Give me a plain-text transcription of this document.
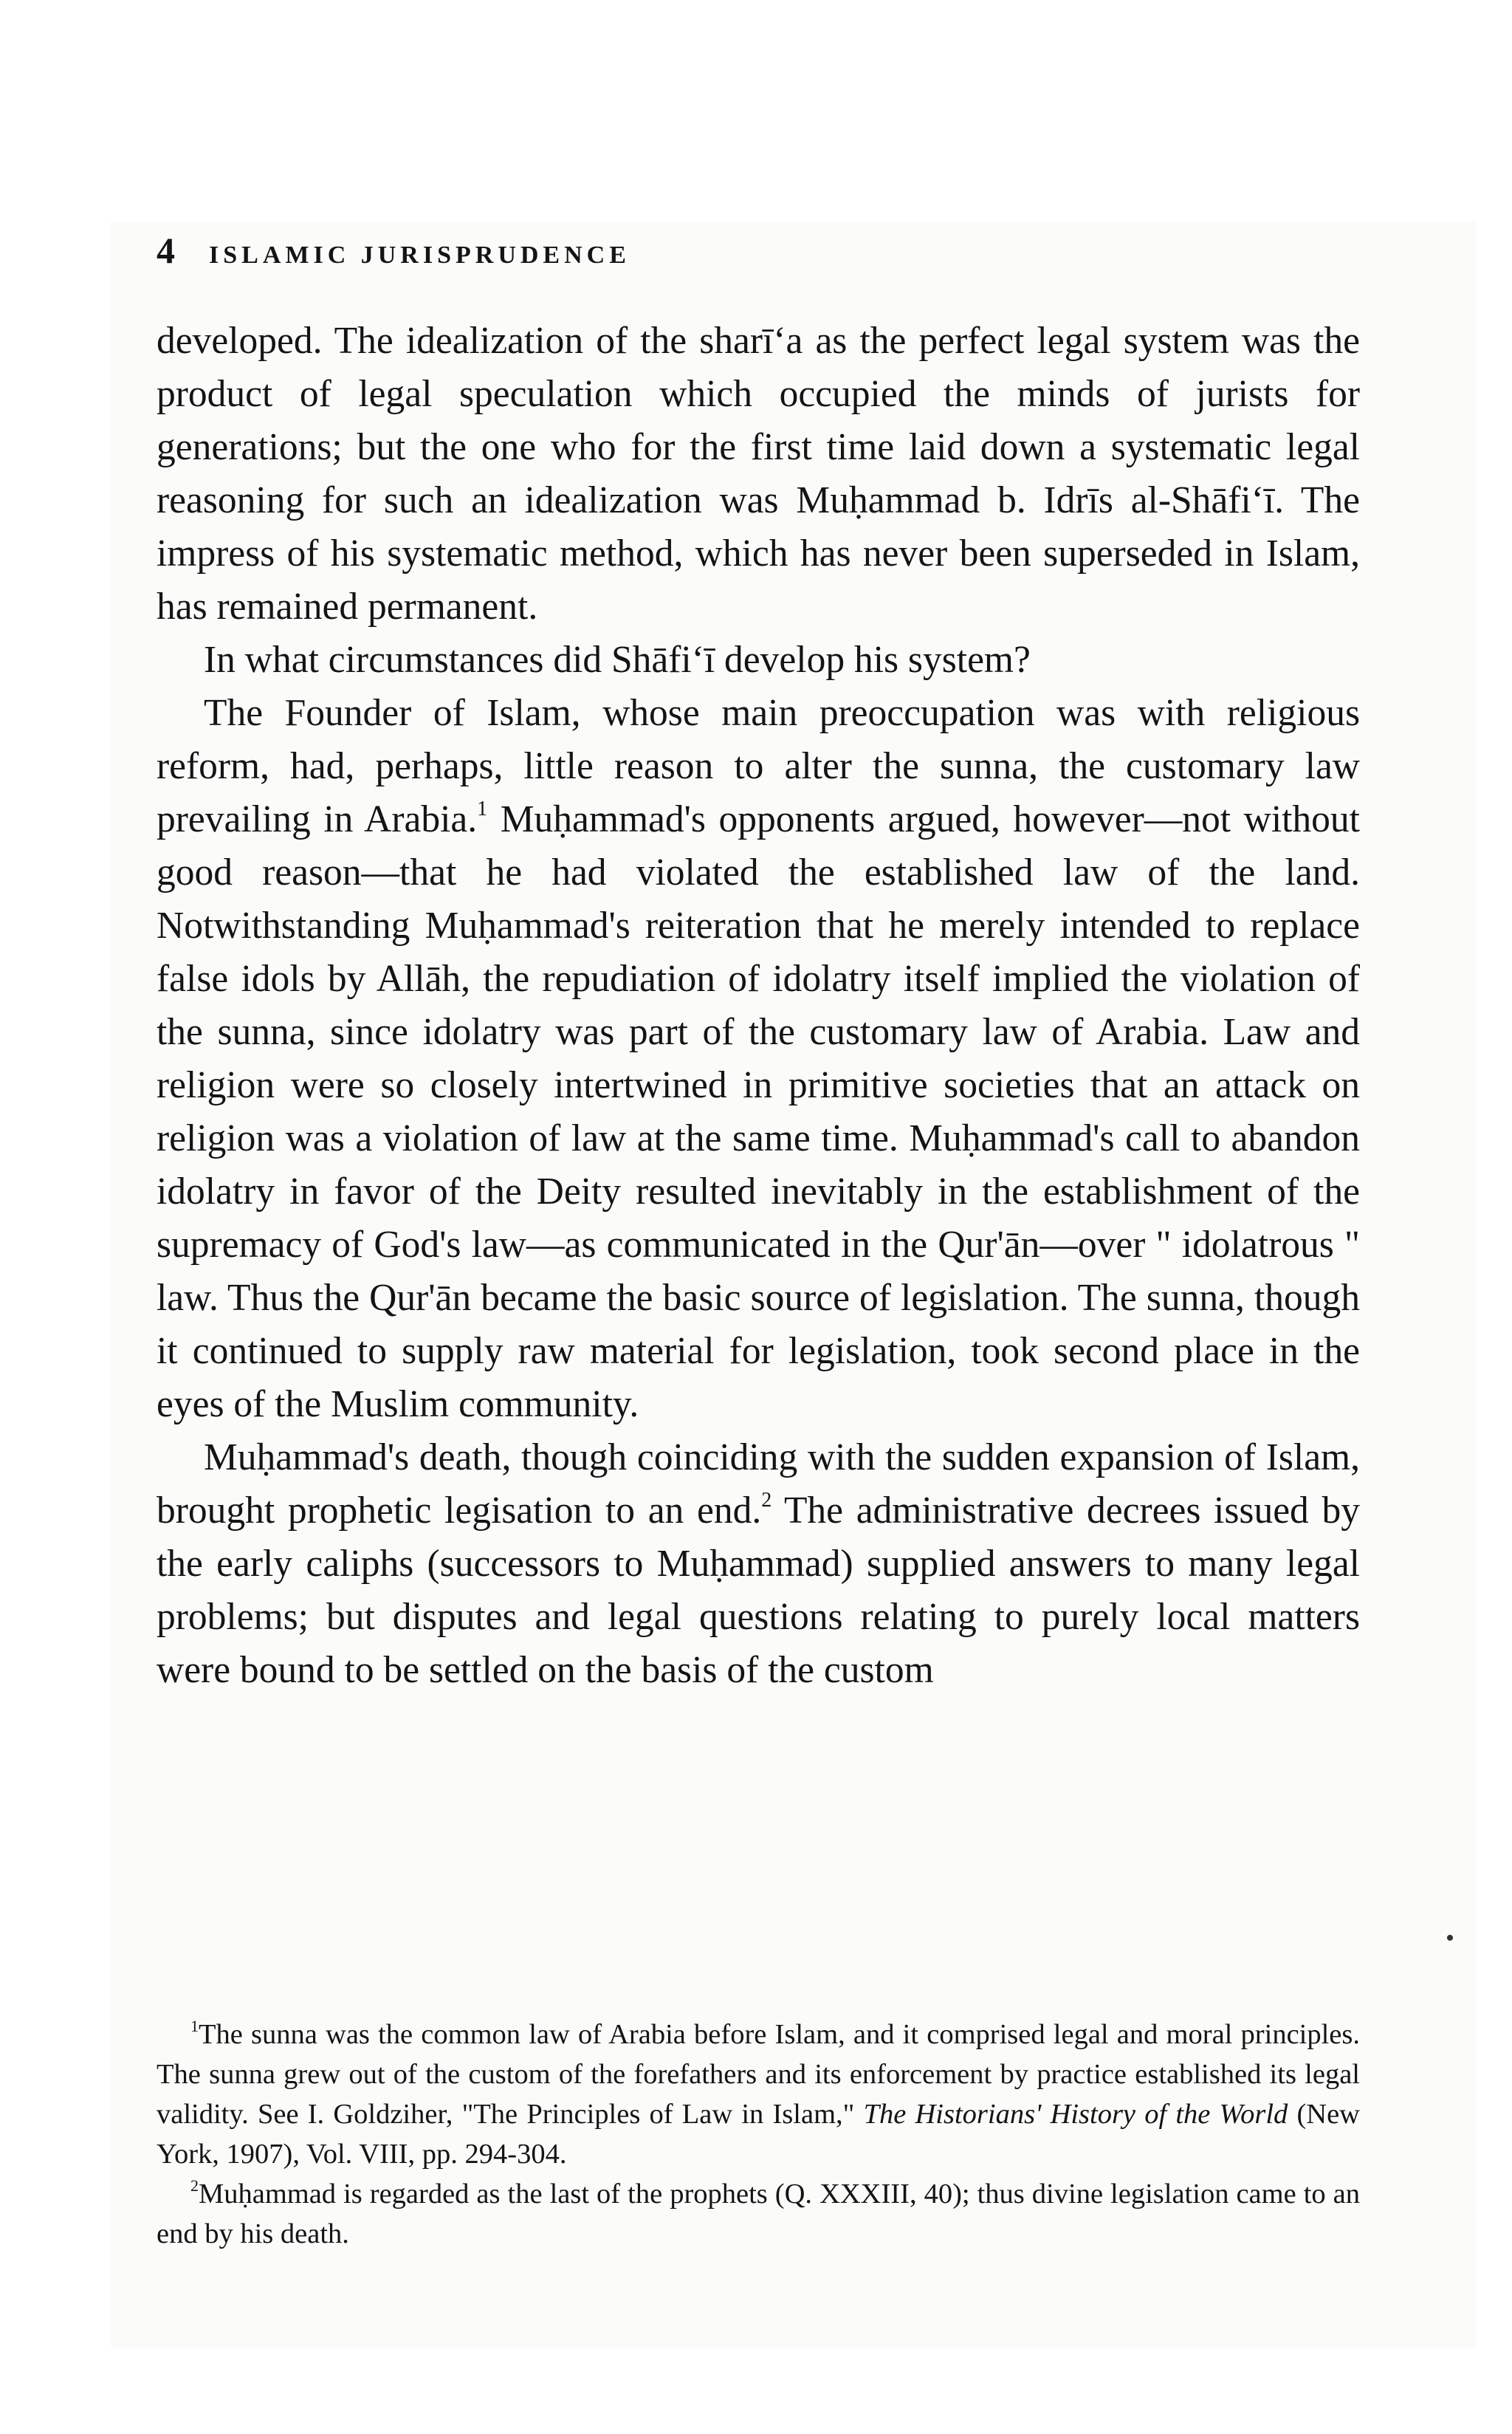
4 ISLAMIC JURISPRUDENCE

developed. The idealization of the sharī‘a as the perfect legal system was the product of legal speculation which occupied the minds of jurists for generations; but the one who for the first time laid down a systematic legal reasoning for such an idealization was Muḥammad b. Idrīs al-Shāfi‘ī. The impress of his systematic method, which has never been superseded in Islam, has remained permanent.

In what circumstances did Shāfi‘ī develop his system?

The Founder of Islam, whose main preoccupation was with religious reform, had, perhaps, little reason to alter the sunna, the customary law prevailing in Arabia.$^1$ Muḥammad's opponents argued, however—not without good reason—that he had violated the established law of the land. Notwithstanding Muḥammad's reiteration that he merely intended to replace false idols by Allāh, the repudiation of idolatry itself implied the violation of the sunna, since idolatry was part of the customary law of Arabia. Law and religion were so closely intertwined in primitive societies that an attack on religion was a violation of law at the same time. Muḥammad's call to abandon idolatry in favor of the Deity resulted inevitably in the establishment of the supremacy of God's law—as communicated in the Qur'ān—over " idolatrous " law. Thus the Qur'ān became the basic source of legislation. The sunna, though it continued to supply raw material for legislation, took second place in the eyes of the Muslim community.

Muḥammad's death, though coinciding with the sudden expansion of Islam, brought prophetic legisation to an end.$^2$ The administrative decrees issued by the early caliphs (successors to Muḥammad) supplied answers to many legal problems; but disputes and legal questions relating to purely local matters were bound to be settled on the basis of the custom

$^1$The sunna was the common law of Arabia before Islam, and it comprised legal and moral principles. The sunna grew out of the custom of the forefathers and its enforcement by practice established its legal validity. See I. Goldziher, "The Principles of Law in Islam," The Historians' History of the World (New York, 1907), Vol. VIII, pp. 294-304.

$^2$Muḥammad is regarded as the last of the prophets (Q. XXXIII, 40); thus divine legislation came to an end by his death.
